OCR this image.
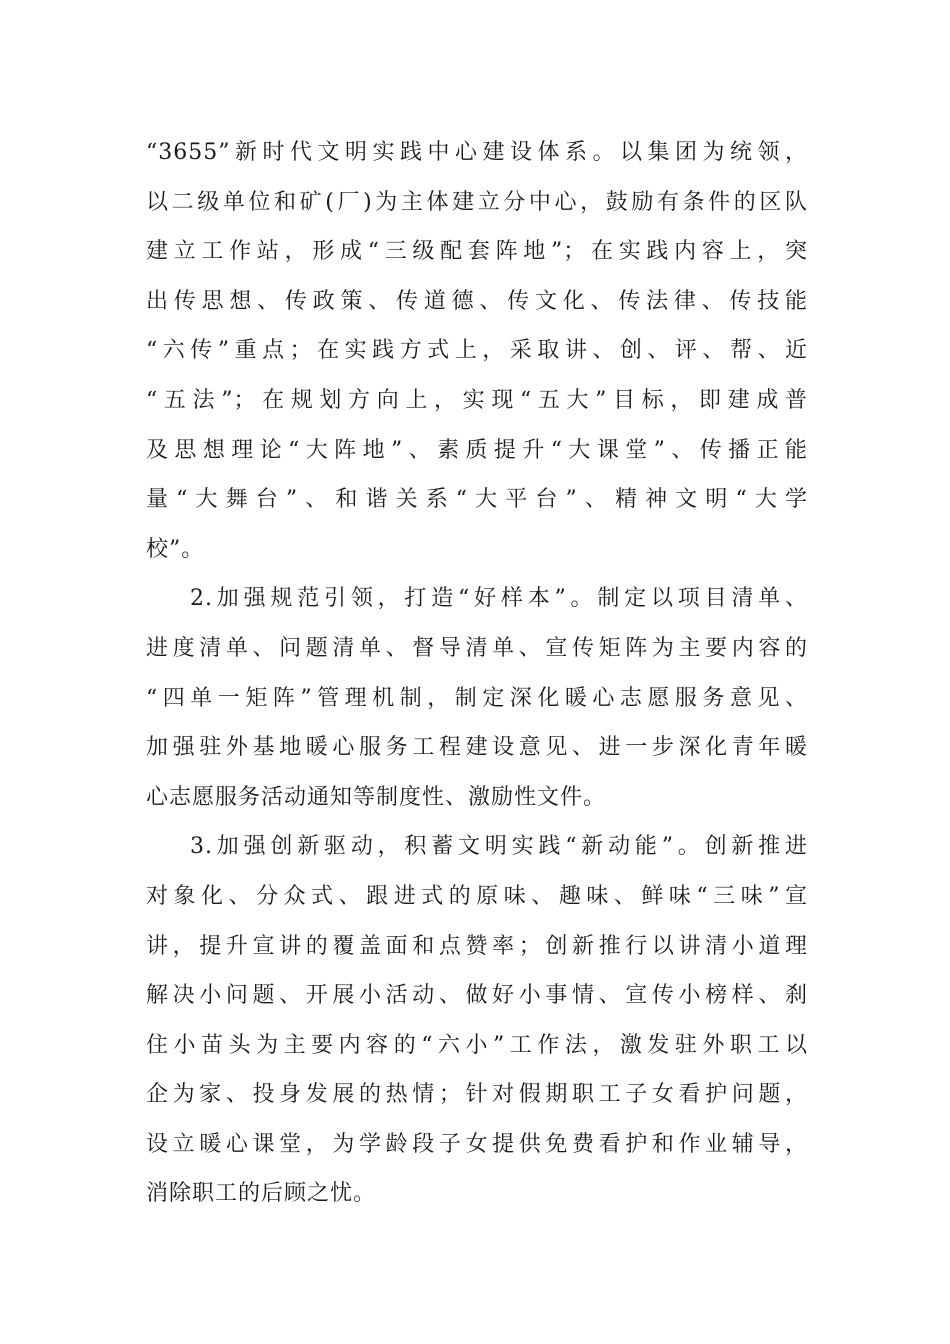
“3655”新时代文明实践中心建设体系。以集团为统领，
以二级单位和矿(厂)为主体建立分中心，鼓励有条件的区队
建立工作站，形成“三级配套阵地”；在实践内容上，突
出传思想、传政策、传道德、传文化、传法律、传技能
“六传”重点；在实践方式上，采取讲、创、评、帮、近
“五法”；在规划方向上，实现“五大”目标，即建成普
及思想理论“大阵地”、素质提升“大课堂”、传播正能
量“大舞台”、和谐关系“大平台”、精神文明“大学
校”。
2.加强规范引领，打造“好样本”。制定以项目清单、
进度清单、问题清单、督导清单、宣传矩阵为主要内容的
“四单一矩阵”管理机制，制定深化暖心志愿服务意见、
加强驻外基地暖心服务工程建设意见、进一步深化青年暖
心志愿服务活动通知等制度性、激励性文件。
3.加强创新驱动，积蓄文明实践“新动能”。创新推进
对象化、分众式、跟进式的原味、趣味、鲜味“三味”宣
讲，提升宣讲的覆盖面和点赞率；创新推行以讲清小道理
解决小问题、开展小活动、做好小事情、宣传小榜样、刹
住小苗头为主要内容的“六小”工作法，激发驻外职工以
企为家、投身发展的热情；针对假期职工子女看护问题，
设立暖心课堂，为学龄段子女提供免费看护和作业辅导，
消除职工的后顾之忧。
